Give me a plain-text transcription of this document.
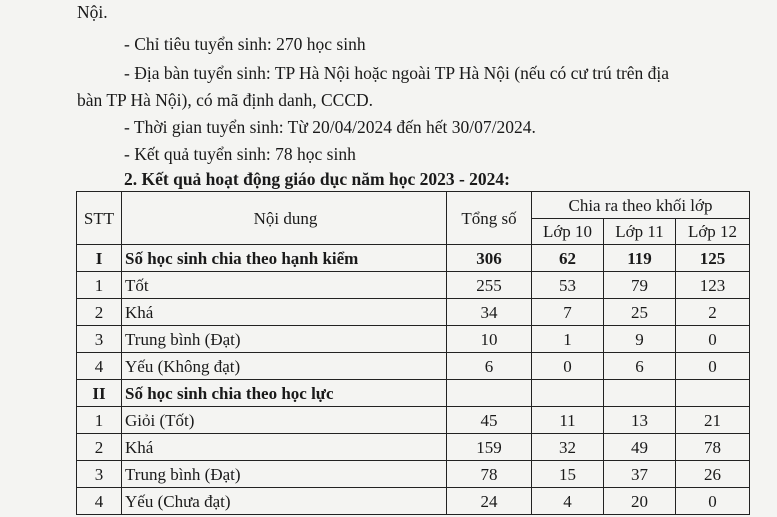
Nội.
- Chỉ tiêu tuyển sinh: 270 học sinh
- Địa bàn tuyển sinh: TP Hà Nội hoặc ngoài TP Hà Nội (nếu có cư trú trên địa
bàn TP Hà Nội), có mã định danh, CCCD.
- Thời gian tuyển sinh: Từ 20/04/2024 đến hết 30/07/2024.
- Kết quả tuyển sinh: 78 học sinh
2. Kết quả hoạt động giáo dục năm học 2023 - 2024:
STT	Nội dung	Tổng số	Chia ra theo khối lớp		
			Lớp 10	Lớp 11	Lớp 12
I	Số học sinh chia theo hạnh kiểm	306	62	119	125
1	Tốt	255	53	79	123
2	Khá	34	7	25	2
3	Trung bình (Đạt)	10	1	9	0
4	Yếu (Không đạt)	6	0	6	0
II	Số học sinh chia theo học lực				
1	Giỏi (Tốt)	45	11	13	21
2	Khá	159	32	49	78
3	Trung bình (Đạt)	78	15	37	26
4	Yếu (Chưa đạt)	24	4	20	0
